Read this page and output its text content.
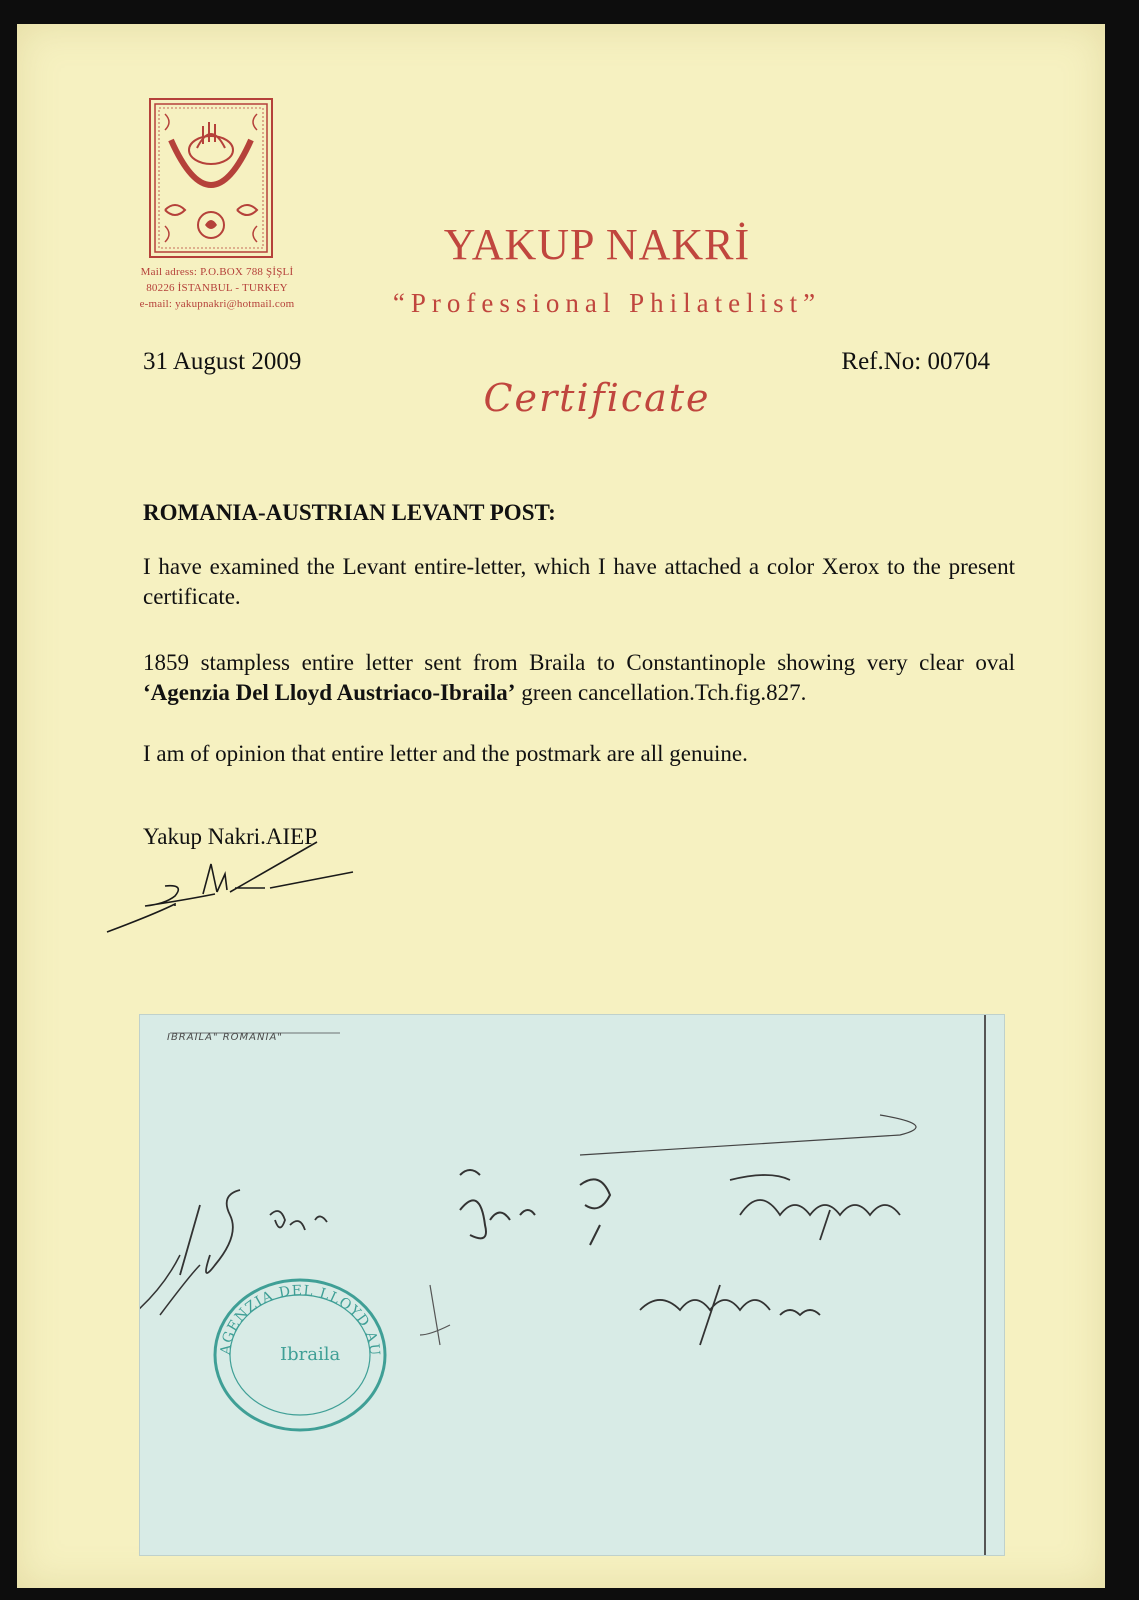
Mail adress: P.O.BOX 788 ŞİŞLİ
80226 İSTANBUL - TURKEY
e-mail: yakupnakri@hotmail.com
YAKUP NAKRİ
“Professional Philatelist”
31 August 2009	Ref.No: 00704
Certificate
ROMANIA-AUSTRIAN LEVANT POST:
I have examined the Levant entire-letter, which I have attached a color Xerox to the present certificate.
1859 stampless entire letter sent from Braila to Constantinople showing very clear oval ‘Agenzia Del Lloyd Austriaco-Ibraila’ green cancellation.Tch.fig.827.
I am of opinion that entire letter and the postmark are all genuine.
Yakup Nakri.AIEP
Ibraila
AGENZIA DEL LLOYD AU
IBRAILA" ROMANIA"
